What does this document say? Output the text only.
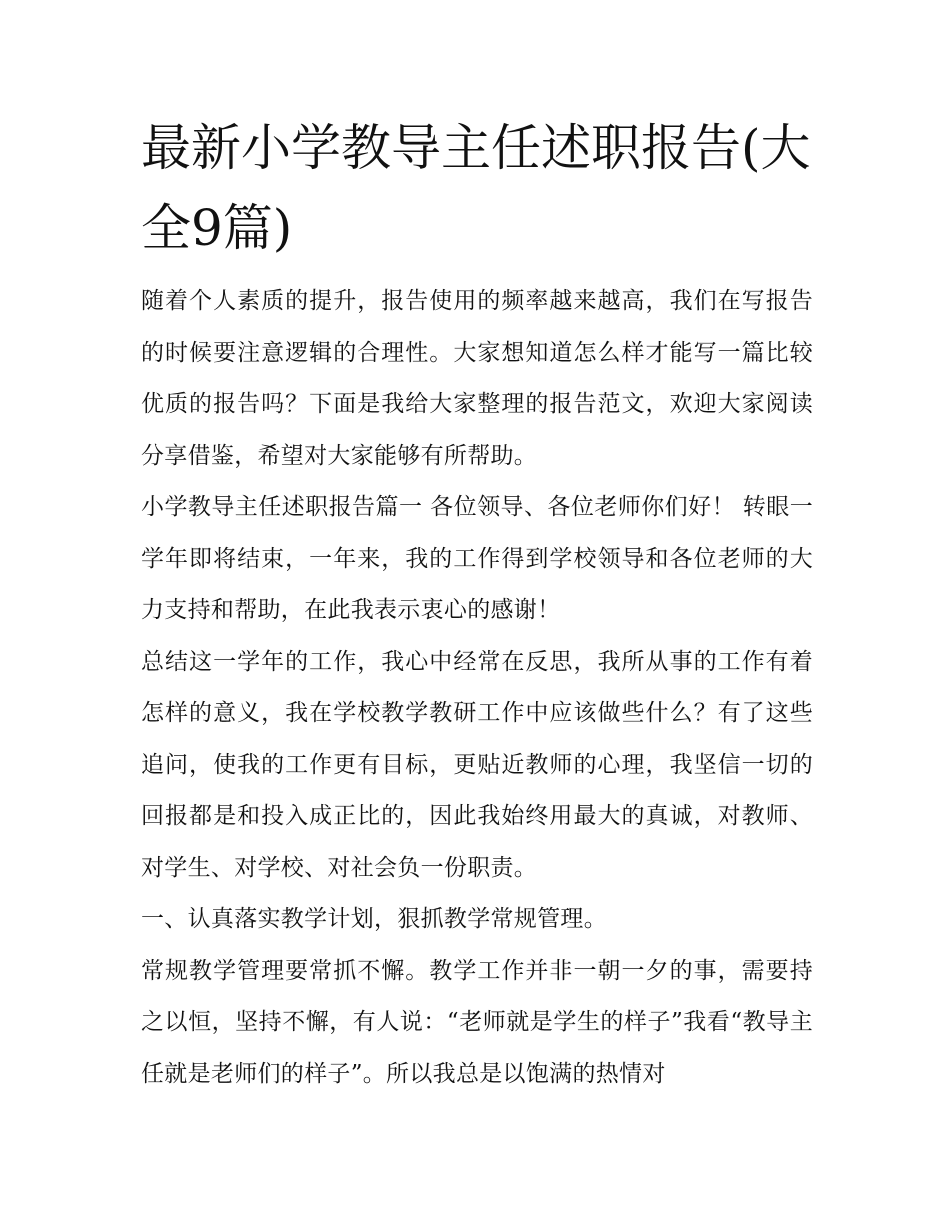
最新小学教导主任述职报告(大全9篇)

随着个人素质的提升，报告使用的频率越来越高，我们在写报告的时候要注意逻辑的合理性。大家想知道怎么样才能写一篇比较优质的报告吗？下面是我给大家整理的报告范文，欢迎大家阅读分享借鉴，希望对大家能够有所帮助。

小学教导主任述职报告篇一 各位领导、各位老师你们好！ 转眼一学年即将结束，一年来，我的工作得到学校领导和各位老师的大力支持和帮助，在此我表示衷心的感谢！

总结这一学年的工作，我心中经常在反思，我所从事的工作有着怎样的意义，我在学校教学教研工作中应该做些什么？有了这些追问，使我的工作更有目标，更贴近教师的心理，我坚信一切的回报都是和投入成正比的，因此我始终用最大的真诚，对教师、对学生、对学校、对社会负一份职责。

一、认真落实教学计划，狠抓教学常规管理。

常规教学管理要常抓不懈。教学工作并非一朝一夕的事，需要持之以恒，坚持不懈，有人说：“老师就是学生的样子”我看“教导主任就是老师们的样子”。所以我总是以饱满的热情对
